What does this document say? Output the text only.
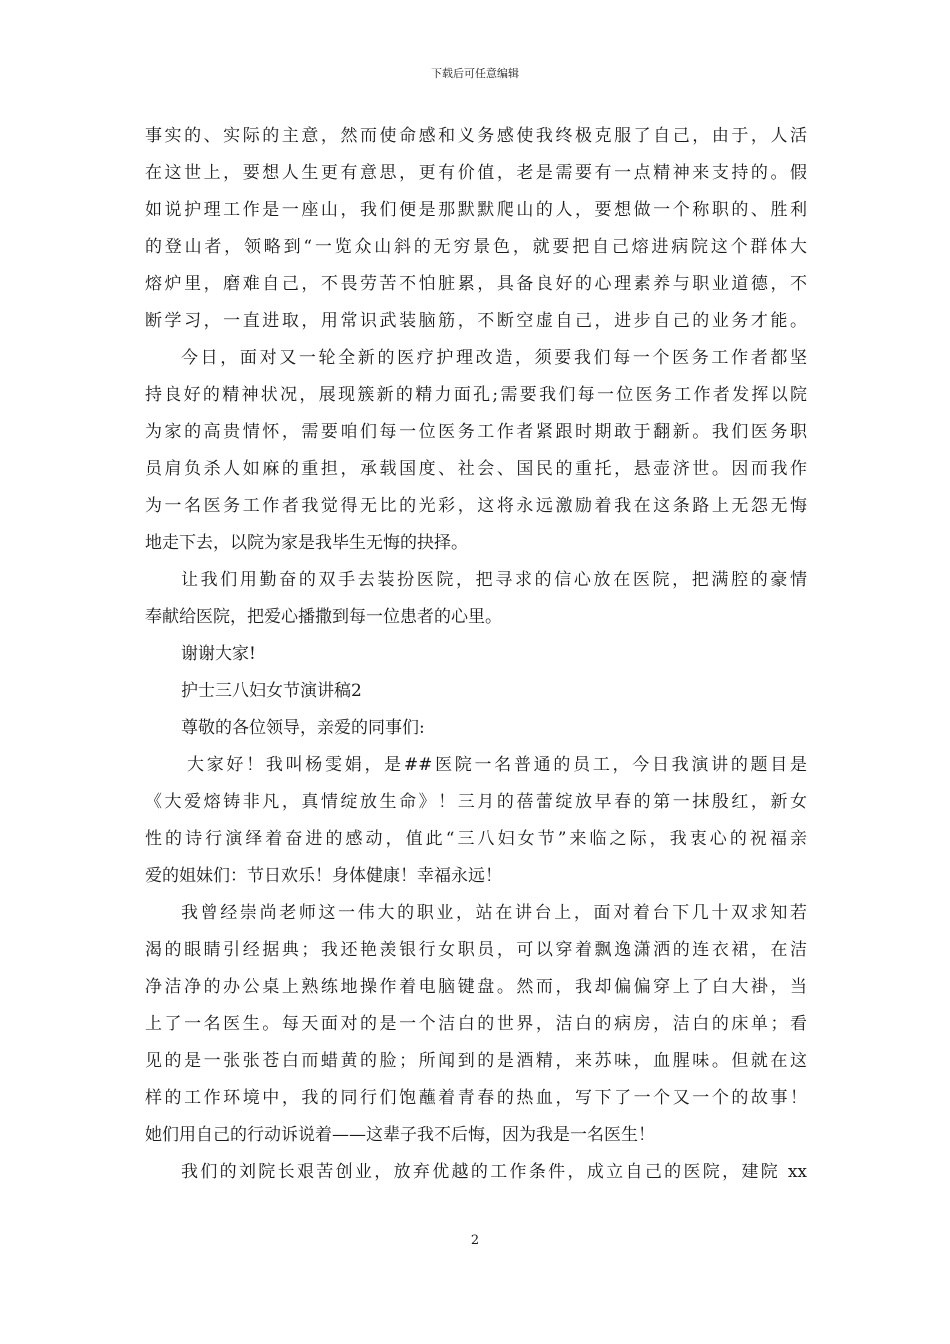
下载后可任意编辑
事实的、实际的主意，然而使命感和义务感使我终极克服了自己，由于，人活
在这世上，要想人生更有意思，更有价值，老是需要有一点精神来支持的。假
如说护理工作是一座山，我们便是那默默爬山的人，要想做一个称职的、胜利
的登山者，领略到“一览众山斜的无穷景色，就要把自己熔进病院这个群体大
熔炉里，磨难自己，不畏劳苦不怕脏累，具备良好的心理素养与职业道德，不
断学习，一直进取，用常识武装脑筋，不断空虚自己，进步自己的业务才能。
今日，面对又一轮全新的医疗护理改造，须要我们每一个医务工作者都坚
持良好的精神状况，展现簇新的精力面孔;需要我们每一位医务工作者发挥以院
为家的高贵情怀，需要咱们每一位医务工作者紧跟时期敢于翻新。我们医务职
员肩负杀人如麻的重担，承载国度、社会、国民的重托，悬壶济世。因而我作
为一名医务工作者我觉得无比的光彩，这将永远激励着我在这条路上无怨无悔
地走下去，以院为家是我毕生无悔的抉择。
让我们用勤奋的双手去装扮医院，把寻求的信心放在医院，把满腔的豪情
奉献给医院，把爱心播撒到每一位患者的心里。
谢谢大家!
护士三八妇女节演讲稿2
尊敬的各位领导，亲爱的同事们:
大家好！我叫杨雯娟，是##医院一名普通的员工，今日我演讲的题目是
《大爱熔铸非凡，真情绽放生命》！三月的蓓蕾绽放早春的第一抹殷红，新女
性的诗行演绎着奋进的感动，值此“三八妇女节”来临之际，我衷心的祝福亲
爱的姐妹们：节日欢乐！身体健康！幸福永远！
我曾经崇尚老师这一伟大的职业，站在讲台上，面对着台下几十双求知若
渴的眼睛引经据典；我还艳羡银行女职员，可以穿着飘逸潇洒的连衣裙，在洁
净洁净的办公桌上熟练地操作着电脑键盘。然而，我却偏偏穿上了白大褂，当
上了一名医生。每天面对的是一个洁白的世界，洁白的病房，洁白的床单；看
见的是一张张苍白而蜡黄的脸；所闻到的是酒精，来苏味，血腥味。但就在这
样的工作环境中，我的同行们饱蘸着青春的热血，写下了一个又一个的故事！
她们用自己的行动诉说着——这辈子我不后悔，因为我是一名医生！
我们的刘院长艰苦创业，放弃优越的工作条件，成立自己的医院，建院 xx
2
